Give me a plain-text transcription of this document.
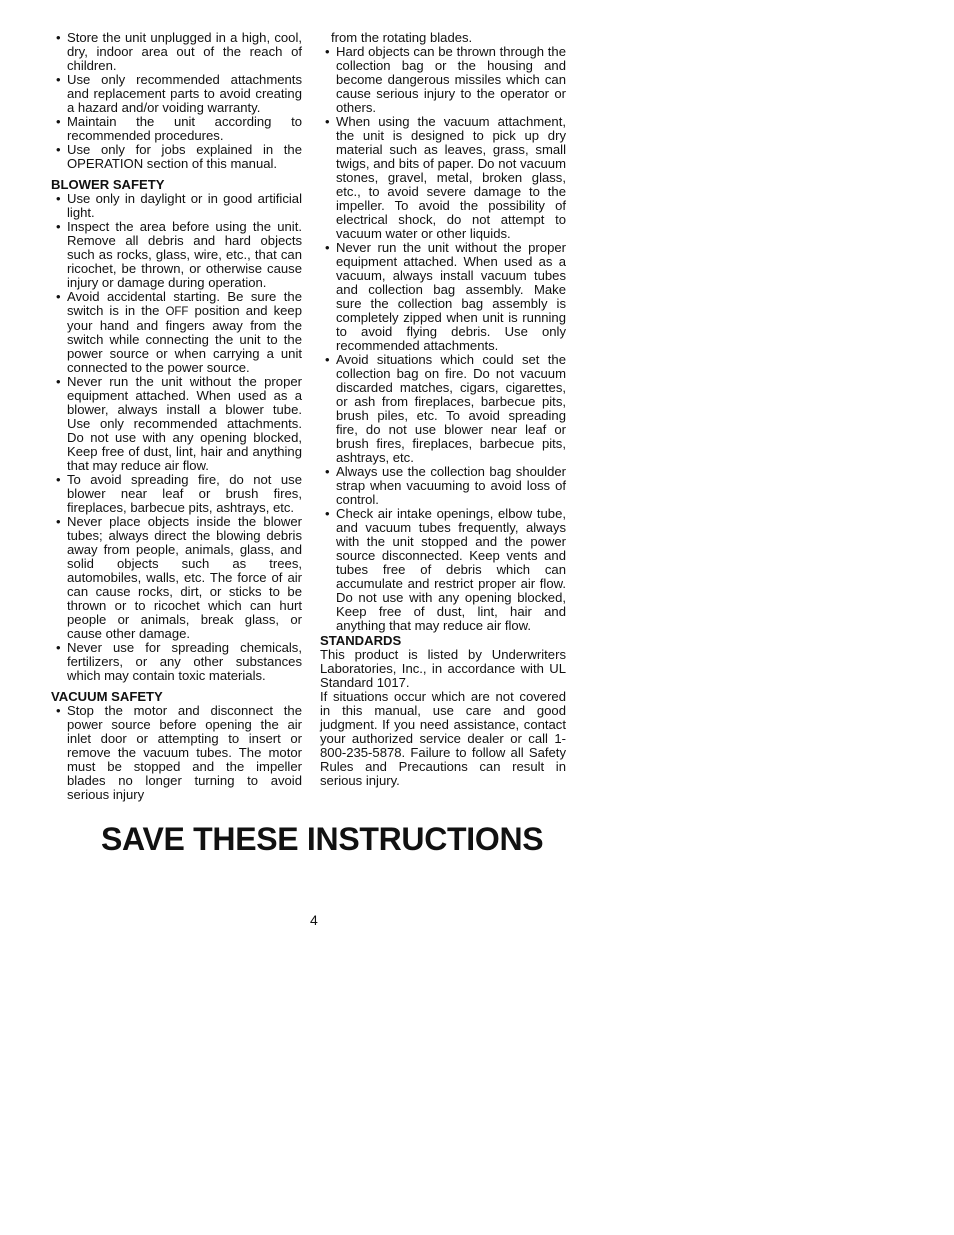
• Store the unit unplugged in a high, cool, dry, indoor area out of the reach of children.
• Use only recommended attachments and replacement parts to avoid creating a hazard and/or voiding warranty.
• Maintain the unit according to recommended procedures.
• Use only for jobs explained in the OPERATION section of this manual.
BLOWER SAFETY
• Use only in daylight or in good artificial light.
• Inspect the area before using the unit. Remove all debris and hard objects such as rocks, glass, wire, etc., that can ricochet, be thrown, or otherwise cause injury or damage during operation.
• Avoid accidental starting. Be sure the switch is in the OFF position and keep your hand and fingers away from the switch while connecting the unit to the power source or when carrying a unit connected to the power source.
• Never run the unit without the proper equipment attached. When used as a blower, always install a blower tube. Use only recommended attachments. Do not use with any opening blocked, Keep free of dust, lint, hair and anything that may reduce air flow.
• To avoid spreading fire, do not use blower near leaf or brush fires, fireplaces, barbecue pits, ashtrays, etc.
• Never place objects inside the blower tubes; always direct the blowing debris away from people, animals, glass, and solid objects such as trees, automobiles, walls, etc. The force of air can cause rocks, dirt, or sticks to be thrown or to ricochet which can hurt people or animals, break glass, or cause other damage.
• Never use for spreading chemicals, fertilizers, or any other substances which may contain toxic materials.
VACUUM SAFETY
• Stop the motor and disconnect the power source before opening the air inlet door or attempting to insert or remove the vacuum tubes. The motor must be stopped and the impeller blades no longer turning to avoid serious injury

from the rotating blades.

• Hard objects can be thrown through the collection bag or the housing and become dangerous missiles which can cause serious injury to the operator or others.
• When using the vacuum attachment, the unit is designed to pick up dry material such as leaves, grass, small twigs, and bits of paper. Do not vacuum stones, gravel, metal, broken glass, etc., to avoid severe damage to the impeller. To avoid the possibility of electrical shock, do not attempt to vacuum water or other liquids.
• Never run the unit without the proper equipment attached. When used as a vacuum, always install vacuum tubes and collection bag assembly. Make sure the collection bag assembly is completely zipped when unit is running to avoid flying debris. Use only recommended attachments.
• Avoid situations which could set the collection bag on fire. Do not vacuum discarded matches, cigars, cigarettes, or ash from fireplaces, barbecue pits, brush piles, etc. To avoid spreading fire, do not use blower near leaf or brush fires, fireplaces, barbecue pits, ashtrays, etc.
• Always use the collection bag shoulder strap when vacuuming to avoid loss of control.
• Check air intake openings, elbow tube, and vacuum tubes frequently, always with the unit stopped and the power source disconnected. Keep vents and tubes free of debris which can accumulate and restrict proper air flow. Do not use with any opening blocked, Keep free of dust, lint, hair and anything that may reduce air flow.
STANDARDS

This product is listed by Underwriters Laboratories, Inc., in accordance with UL Standard 1017.

If situations occur which are not covered in this manual, use care and good judgment. If you need assistance, contact your authorized service dealer or call 1-800-235-5878. Failure to follow all Safety Rules and Precautions can result in serious injury.

SAVE THESE INSTRUCTIONS
4
